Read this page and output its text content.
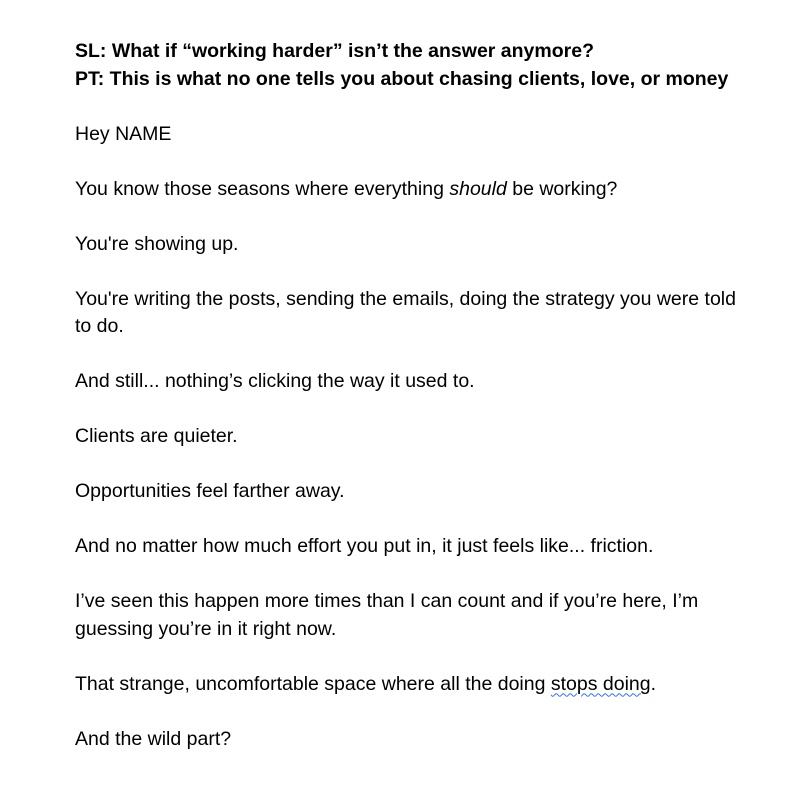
SL: What if “working harder” isn’t the answer anymore?
PT: This is what no one tells you about chasing clients, love, or money

Hey NAME

You know those seasons where everything should be working?

You're showing up.

You're writing the posts, sending the emails, doing the strategy you were told to do.

And still... nothing’s clicking the way it used to.

Clients are quieter.

Opportunities feel farther away.

And no matter how much effort you put in, it just feels like... friction.

I’ve seen this happen more times than I can count and if you’re here, I’m guessing you’re in it right now.

That strange, uncomfortable space where all the doing stops doing.

And the wild part?
